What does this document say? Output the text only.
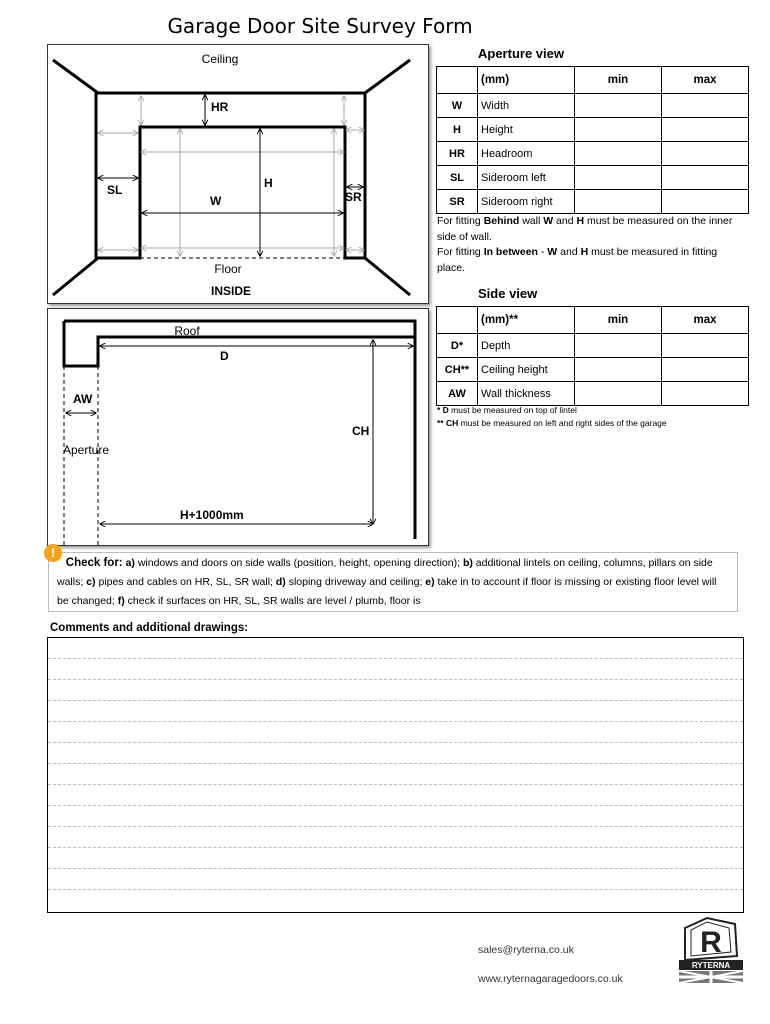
Garage Door Site Survey Form
Ceiling
HR
H
W
SL	SR
Floor
INSIDE
Roof
D
AW
Aperture
CH
H+1000mm
Aperture view
	(mm)	min	max
W	Width		
H	Height		
HR	Headroom		
SL	Sideroom left		
SR	Sideroom right		
For fitting Behind wall W and H must be measured on the inner side of wall.
For fitting In between - W and H must be measured in fitting place.
Side view
	(mm)**	min	max
D*	Depth		
CH**	Ceiling height		
AW	Wall thickness		
* D must be measured on top of lintel
** CH must be measured on left and right sides of the garage
Check for: a) windows and doors on side walls (position, height, opening direction); b) additional lintels on ceiling, columns, pillars on side walls; c) pipes and cables on HR, SL, SR wall; d) sloping driveway and ceiling; e) take in to account if floor is missing or existing floor level will be changed; f) check if surfaces on HR, SL, SR walls are level / plumb, floor is
!
Comments and additional drawings:
sales@ryterna.co.uk
www.ryternagaragedoors.co.uk
R
RYTERNA
